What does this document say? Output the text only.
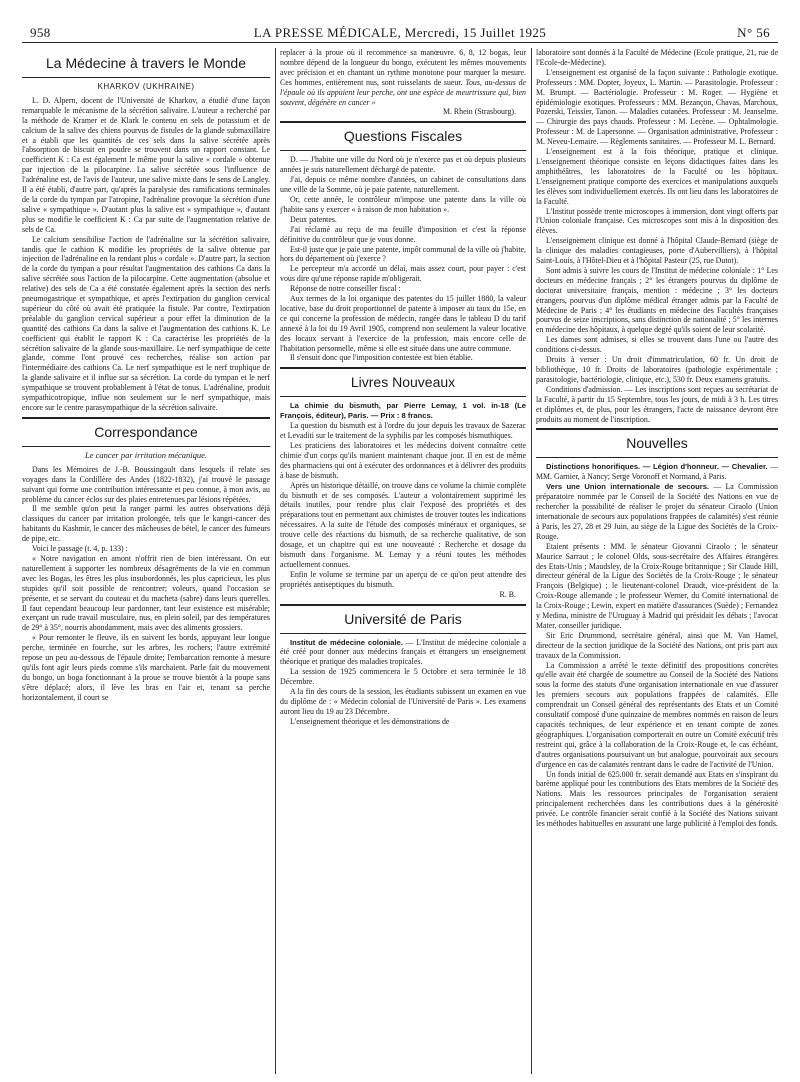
958	LA PRESSE MÉDICALE, Mercredi, 15 Juillet 1925	N° 56
La Médecine à travers le Monde
KHARKOV (UKHRAINE)

L. D. Alpern, docent de l'Université de Kharkov, a étudié d'une façon remarquable le mécanisme de la sécrétion salivaire. L'auteur a recherché par la méthode de Kramer et de Klark le contenu en sels de potassium et de calcium de la salive des chiens pourvus de fistules de la glande submaxillaire et a établi que les quantités de ces sels dans la salive sécrétée après l'absorption de biscuit en poudre se trouvent dans un rapport constant. Le coefficient K : Ca est également le même pour la salive « cordale » obtenue par injection de la pilocarpine. La salive sécrétée sous l'influence de l'adrénaline est, de l'avis de l'auteur, une salive mixte dans le sens de Langley. Il a été établi, d'autre part, qu'après la paralysie des ramifications terminales de la corde du tympan par l'atropine, l'adrénaline provoque la sécrétion d'une salive « sympathique ». D'autant plus la salive est « sympathique », d'autant plus se modifie le coefficient K : Ca par suite de l'augmentation relative de sels de Ca.

Le calcium sensibilise l'action de l'adrénaline sur la sécrétion salivaire, tandis que le cathion K modifie les propriétés de la salive obtenue par injection de l'adrénaline en la rendant plus « cordale ». D'autre part, la section de la corde du tympan a pour résultat l'augmentation des cathions Ca dans la salive sécrétée sous l'action de la pilocarpine. Cette augmentation (absolue et relative) des sels de Ca a été constatée également après la section des nerfs pneumogastrique et sympathique, et après l'extirpation du ganglion cervical supérieur du côté où avait été pratiquée la fistule. Par contre, l'extirpation préalable du ganglion cervical supérieur a pour effet la diminution de la quantité des cathions Ca dans la salive et l'augmentation des cathions K. Le coefficient qui établit le rapport K : Ca caractérise les propriétés de la sécrétion salivaire de la glande sous-maxillaire. Le nerf sympathique de cette glande, comme l'ont prouvé ces recherches, réalise son action par l'intermédiaire des cathions Ca. Le nerf sympathique est le nerf trophique de la glande salivaire et il influe sur sa sécrétion. La corde du tympan et le nerf sympathique se trouvent probablement à l'état de tonus. L'adrénaline, produit sympathicotropique, influe non seulement sur le nerf sympathique, mais encore sur le centre parasympathique de la sécrétion salivaire.

Correspondance
Le cancer par irritation mécanique.

Dans les Mémoires de J.-B. Boussingault dans lesquels il relate ses voyages dans la Cordillère des Andes (1822-1832), j'ai trouvé le passage suivant qui forme une contribution intéressante et peu connue, à mon avis, au problème du cancer éclos sur des plaies entretenues par lésions répétées.

Il me semble qu'on peut la ranger parmi les autres observations déjà classiques du cancer par irritation prolongée, tels que le kangri-cancer des habitants du Kashmir, le cancer des mâcheuses de bétel, le cancer des fumeurs de pipe, etc.

Voici le passage (t. 4, p. 133) :

« Notre navigation en amont n'offrit rien de bien intéressant. On eut naturellement à supporter les nombreux désagréments de la vie en commun avec les Bogas, les êtres les plus insubordonnés, les plus capricieux, les plus stupides qu'il soit possible de rencontrer; voleurs, quand l'occasion se présente, et se servant du couteau et du macheta (sabre) dans leurs querelles. Il faut cependant beaucoup leur pardonner, tant leur existence est misérable; exerçant un rude travail musculaire, nus, en plein soleil, par des températures de 29° à 35°, nourris abondamment, mais avec des aliments grossiers.

« Pour remonter le fleuve, ils en suivent les bords, appuyant leur longue perche, terminée en fourche, sur les arbres, les rochers; l'autre extrémité repose un peu au-dessous de l'épaule droite; l'embarcation remonte à mesure qu'ils font agir leurs pieds comme s'ils marchaient. Parle fait du mouvement du bongo, un boga fonctionnant à la proue se trouve bientôt à la poupe sans s'être déplacé; alors, il lève les bras en l'air et, tenant sa perche horizontalement, il court se

replacer à la proue où il recommence sa manœuvre. 6, 8, 12 bogas, leur nombre dépend de la longueur du bongo, exécutent les mêmes mouvements avec précision et en chantant un rythme monotone pour marquer la mesure. Ces hommes, entièrement nus, sont ruisselants de sueur. Tous, au-dessus de l'épaule où ils appuient leur perche, ont une espèce de meurtrissure qui, bien souvent, dégénère en cancer »

M. Rhein (Strasbourg).
Questions Fiscales

D. — J'habite une ville du Nord où je n'exerce pas et où depuis plusieurs années je suis naturellement déchargé de patente.

J'ai, depuis ce même nombre d'années, un cabinet de consultations dans une ville de la Somme, où je paie patente, naturellement.

Or, cette année, le contrôleur m'impose une patente dans la ville où j'habite sans y exercer « à raison de mon habitation ».

Deux patentes.

J'ai réclamé au reçu de ma feuille d'imposition et c'est la réponse définitive du contrôleur que je vous donne.

Est-il juste que je paie une patente, impôt communal de la ville où j'habite, hors du département où j'exerce ?

Le percepteur m'a accordé un délai, mais assez court, pour payer : c'est vous dire qu'une réponse rapide m'obligerait.

Réponse de notre conseiller fiscal :

Aux termes de la loi organique des patentes du 15 juillet 1880, la valeur locative, base du droit proportionnel de patente à imposer au taux du 15e, en ce qui concerne la profession de médecin, rangée dans le tableau D du tarif annexé à la loi du 19 Avril 1905, comprend non seulement la valeur locative des locaux servant à l'exercice de la profession, mais encore celle de l'habitation personnelle, même si elle est située dans une autre commune.

Il s'ensuit donc que l'imposition contestée est bien établie.

Livres Nouveaux

La chimie du bismuth, par Pierre Lemay, 1 vol. in-18 (Le François, éditeur), Paris. — Prix : 8 francs.

La question du bismuth est à l'ordre du jour depuis les travaux de Sazerac et Levaditi sur le traitement de la syphilis par les composés bismuthiques.

Les praticiens des laboratoires et les médecins doivent connaître cette chimie d'un corps qu'ils manient maintenant chaque jour. Il en est de même des pharmaciens qui ont à exécuter des ordonnances et à délivrer des produits à base de bismuth.

Après un historique détaillé, on trouve dans ce volume la chimie complète du bismuth et de ses composés. L'auteur a volontairement supprimé les détails inutiles, pour rendre plus clair l'exposé des propriétés et des préparations tout en permettant aux chimistes de trouver toutes les indications nécessaires. A la suite de l'étude des composés minéraux et organiques, se trouve celle des réactions du bismuth, de sa recherche qualitative, de son dosage, et un chapitre qui est une nouveauté : Recherche et dosage du bismuth dans l'organisme. M. Lemay y a réuni toutes les méthodes actuellement connues.

Enfin le volume se termine par un aperçu de ce qu'on peut attendre des propriétés antiseptiques du bismuth.

R. B.
Université de Paris

Institut de médecine coloniale. — L'Institut de médecine coloniale a été créé pour donner aux médecins français et étrangers un enseignement théorique et pratique des maladies tropicales.

La session de 1925 commencera le 5 Octobre et sera terminée le 18 Décembre.

A la fin des cours de la session, les étudiants subissent un examen en vue du diplôme de : « Médecin colonial de l'Université de Paris ». Les examens auront lieu du 19 au 23 Décembre.

L'enseignement théorique et les démonstrations de

laboratoire sont donnés à la Faculté de Médecine (Ecole pratique, 21, rue de l'Ecole-de-Médecine).

L'enseignement est organisé de la façon suivante : Pathologie exotique. Professeurs : MM. Dopter, Joyeux, L. Martin. — Parasitologie. Professeur : M. Brumpt. — Bactériologie. Professeur : M. Roger. — Hygiène et épidémiologie exotiques. Professeurs : MM. Bezançon, Chavas, Marchoux, Pozerski, Teissier, Tanon. — Maladies cutanées. Professeur : M. Jeanselme. — Chirurgie des pays chauds. Professeur : M. Lecène. — Ophtalmologie. Professeur : M. de Lapersonne. — Organisation administrative. Professeur : M. Neveu-Lemaire. — Règlements sanitaires. — Professeur M. L. Bernard.

L'enseignement est à la fois théorique, pratique et clinique. L'enseignement théorique consiste en leçons didactiques faites dans les amphithéâtres, les laboratoires de la Faculté ou les hôpitaux. L'enseignement pratique comporte des exercices et manipulations auxquels les élèves sont individuellement exercés. Ils ont lieu dans les laboratoires de la Faculté.

L'Institut possède trente microscopes à immersion, dont vingt offerts par l'Union coloniale française. Ces microscopes sont mis à la disposition des élèves.

L'enseignement clinique est donné à l'hôpital Claude-Bernard (siège de la clinique des maladies contagieuses, porte d'Aubervilliers), à l'hôpital Saint-Louis, à l'Hôtel-Dieu et à l'hôpital Pasteur (25, rue Dutot).

Sont admis à suivre les cours de l'Institut de médecine coloniale : 1° Les docteurs en médecine français ; 2° les étrangers pourvus du diplôme de doctorat universitaire français, mention : médecine ; 3° les docteurs étrangers, pourvus d'un diplôme médical étranger admis par la Faculté de Médecine de Paris ; 4° les étudiants en médecine des Facultés françaises pourvus de seize inscriptions, sans distinction de nationalité ; 5° les internes en médecine des hôpitaux, à quelque degré qu'ils soient de leur scolarité.

Les dames sont admises, si elles se trouvent dans l'une ou l'autre des conditions ci-dessus.

Droits à verser : Un droit d'immatriculation, 60 fr. Un droit de bibliothèque, 10 fr. Droits de laboratoires (pathologie expérimentale ; parasitologie, bactériologie, clinique, etc.), 530 fr. Deux examens gratuits.

Conditions d'admission. — Les inscriptions sont reçues au secrétariat de la Faculté, à partir du 15 Septembre, tous les jours, de midi à 3 h. Les titres et diplômes et, de plus, pour les étrangers, l'acte de naissance devront être produits au moment de l'inscription.

Nouvelles

Distinctions honorifiques. — Légion d'honneur. — Chevalier. — MM. Garnier, à Nancy; Serge Voronoff et Normand, à Paris.

Vers une Union internationale de secours. — La Commission préparatoire nommée par le Conseil de la Société des Nations en vue de rechercher la possibilité de réaliser le projet du sénateur Ciraolo (Union internationale de secours aux populations frappées de calamités) s'est réunie à Paris, les 27, 28 et 29 Juin, au siège de la Ligue des Sociétés de la Croix-Rouge.

Etaient présents : MM. le sénateur Giovanni Ciraolo ; le sénateur Maurice Sarraut ; le colonel Olds, sous-secrétaire des Affaires étrangères des Etats-Unis ; Maudsley, de la Croix-Rouge britannique ; Sir Claude Hill, directeur général de la Ligue des Sociétés de la Croix-Rouge ; le sénateur François (Belgique) ; le lieutenant-colonel Draudt, vice-président de la Croix-Rouge allemande ; le professeur Werner, du Comité international de la Croix-Rouge ; Lewin, expert en matière d'assurances (Suède) ; Fernandez y Medina, ministre de l'Uruguay à Madrid qui présidait les débats ; l'avocat Mater, conseiller juridique.

Sir Eric Drummond, secrétaire général, ainsi que M. Van Hamel, directeur de la section juridique de la Société des Nations, ont pris part aux travaux de la Commission.

La Commission a arrêté le texte définitif des propositions concrètes qu'elle avait été chargée de soumettre au Conseil de la Société des Nations sous la forme des statuts d'une organisation internationale en vue d'assurer les premiers secours aux populations frappées de calamités. Elle comprendrait un Conseil général des représentants des Etats et un Comité consultatif composé d'une quinzaine de membres nommés en raison de leurs capacités techniques, de leur expérience et en tenant compte de zones géographiques. L'organisation comporterait en outre un Comité exécutif très restreint qui, grâce à la collaboration de la Croix-Rouge et, le cas échéant, d'autres organisations poursuivant un but analogue, pourvoirait aux secours d'urgence en cas de calamités rentrant dans le cadre de l'activité de l'Union.

Un fonds initial de 625.000 fr. serait demandé aux Etats en s'inspirant du barème appliqué pour les contributions des Etats membres de la Société des Nations. Mais les ressources principales de l'organisation seraient principalement recherchées dans les contributions dues à la générosité privée. Le contrôle financier serait confié à la Société des Nations suivant les méthodes habituelles en assurant une large publicité à l'emploi des fonds.
